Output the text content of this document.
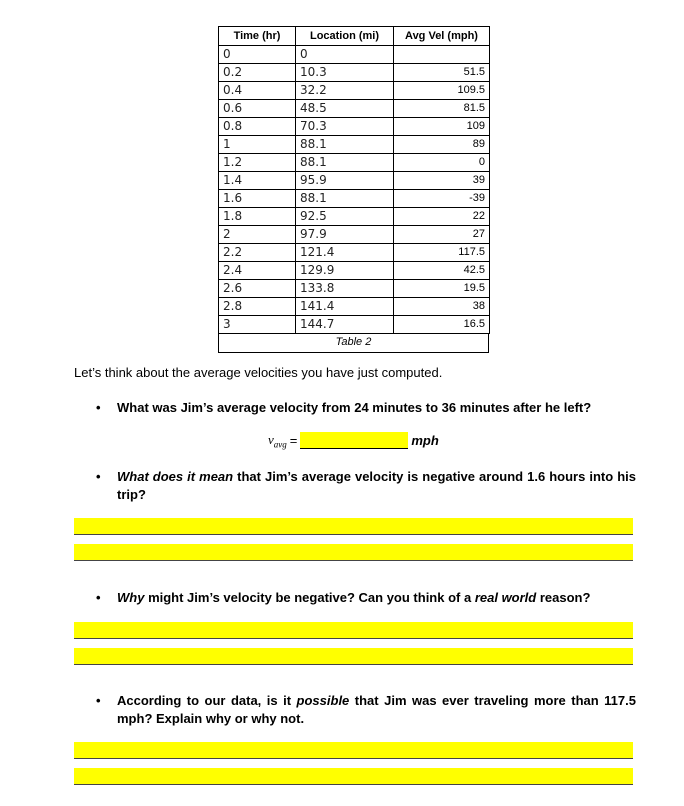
Time (hr)	Location (mi)	Avg Vel (mph)
0	0	
0.2	10.3	51.5
0.4	32.2	109.5
0.6	48.5	81.5
0.8	70.3	109
1	88.1	89
1.2	88.1	0
1.4	95.9	39
1.6	88.1	-39
1.8	92.5	22
2	97.9	27
2.2	121.4	117.5
2.4	129.9	42.5
2.6	133.8	19.5
2.8	141.4	38
3	144.7	16.5
Table 2
Let’s think about the average velocities you have just computed.
• What was Jim’s average velocity from 24 minutes to 36 minutes after he left?
$v_{avg}$ =	mph
• What does it mean that Jim’s average velocity is negative around 1.6 hours into his trip?
• Why might Jim’s velocity be negative? Can you think of a real world reason?
• According to our data, is it possible that Jim was ever traveling more than 117.5 mph? Explain why or why not.
